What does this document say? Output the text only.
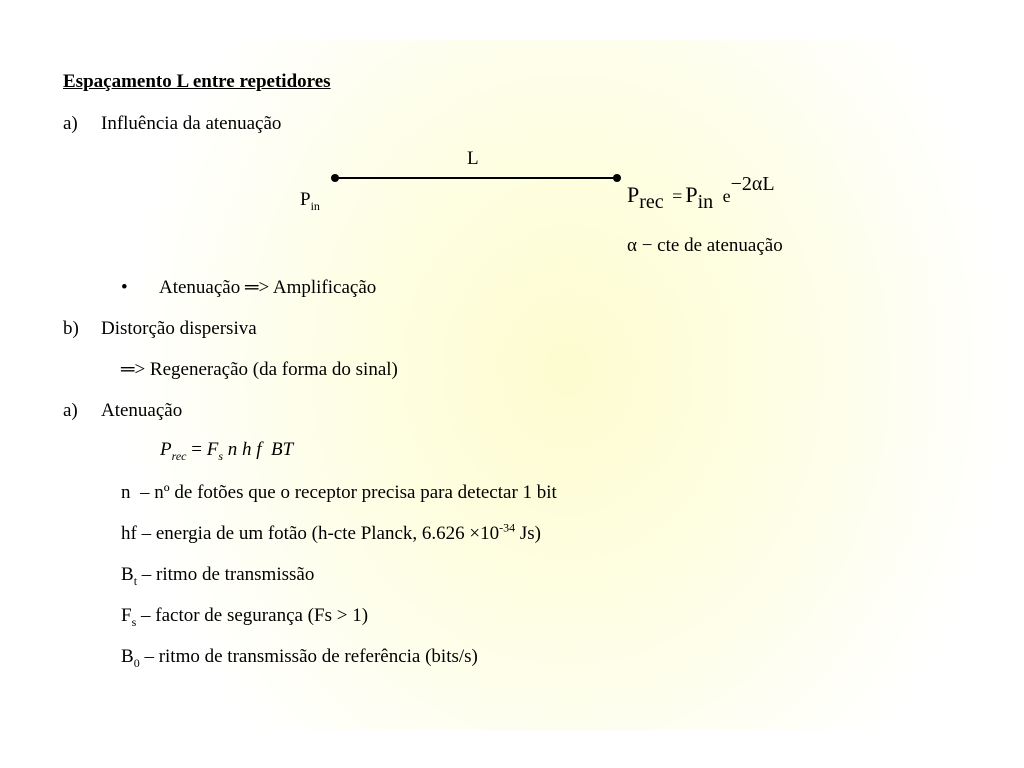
Espaçamento L entre repetidores
a) Influência da atenuação
L
$P_{in}$	Prec = Pin e−2αL
α − cte de atenuação
• Atenuação ═> Amplificação
b) Distorção dispersiva
═> Regeneração (da forma do sinal)
a) Atenuação
$P_{rec} = F_s$ n h f  BT
n  – nº de fotões que o receptor precisa para detectar 1 bit
hf – energia de um fotão (h-cte Planck, $6.626 \times 10^{-34}$ Js)
$B_t$ – ritmo de transmissão
$F_s$ – factor de segurança (Fs > 1)
$B_0$ – ritmo de transmissão de referência (bits/s)
